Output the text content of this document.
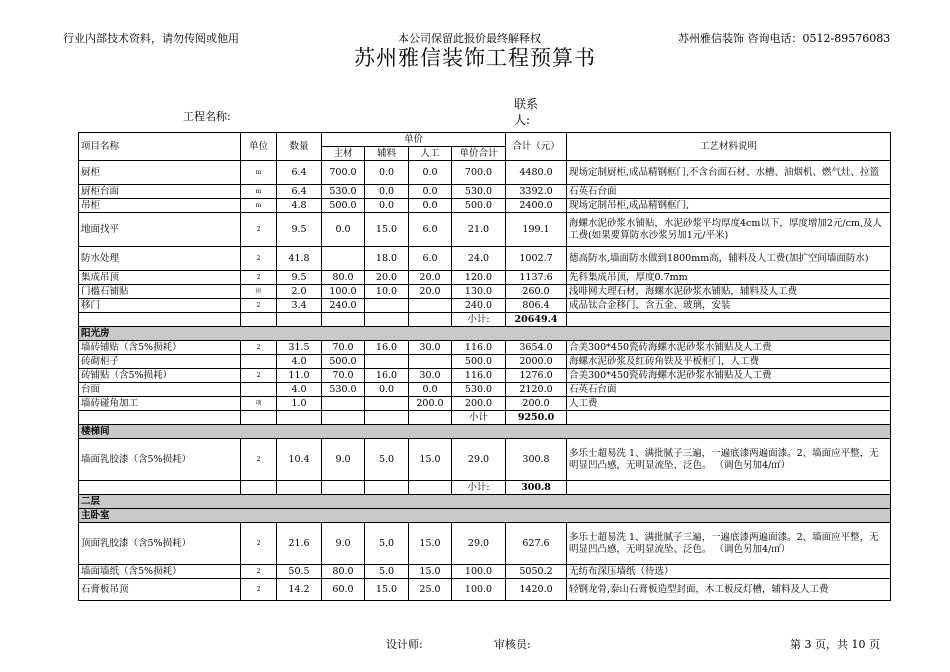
行业内部技术资料，请勿传阅或他用	本公司保留此报价最终解释权	苏州雅信装饰 咨询电话：0512-89576083
苏州雅信装饰工程预算书
工程名称:
联系人:
项目名称	单位	数量	单价				合计（元）	工艺材料说明
			主材	辅料	人工	单价合计		
厨柜	m	6.4	700.0	0.0	0.0	700.0	4480.0	现场定制厨柜,成品精钢框门,不含台面石材、水槽、油烟机、燃气灶、拉篮
厨柜台面	m	6.4	530.0	0.0	0.0	530.0	3392.0	石英石台面
吊柜	m	4.8	500.0	0.0	0.0	500.0	2400.0	现场定制吊柜,成品精钢框门,
地面找平	2	9.5	0.0	15.0	6.0	21.0	199.1	海螺水泥砂浆水铺贴，水泥砂浆平均厚度4cm以下，厚度增加2元/cm,及人工费(如果要算防水沙浆另加1元/平米)
防水处理	2	41.8		18.0	6.0	24.0	1002.7	德高防水,墙面防水做到1800mm高，辅料及人工费(加扩空间墙面防水)
集成吊顶	2	9.5	80.0	20.0	20.0	120.0	1137.6	先科集成吊顶，厚度0.7mm
门槛石铺贴	块	2.0	100.0	10.0	20.0	130.0	260.0	浅啡网大理石材，海螺水泥砂浆水铺贴，辅料及人工费
移门	2	3.4	240.0			240.0	806.4	成品钛合金移门，含五金、玻璃，安装
						小计:	20649.4	
阳光房								
墙砖铺贴（含5%损耗）	2	31.5	70.0	16.0	30.0	116.0	3654.0	合美300*450瓷砖海螺水泥砂浆水铺贴及人工费
砖砌柜子		4.0	500.0			500.0	2000.0	海螺水泥砂浆及红砖角铁及平板柜门，人工费
砖铺贴（含5%损耗）	2	11.0	70.0	16.0	30.0	116.0	1276.0	合美300*450瓷砖海螺水泥砂浆水铺贴及人工费
台面		4.0	530.0	0.0	0.0	530.0	2120.0	石英石台面
墙砖碰角加工	项	1.0			200.0	200.0	200.0	人工费
						小计	9250.0	
楼梯间								
墙面乳胶漆（含5%损耗）	2	10.4	9.0	5.0	15.0	29.0	300.8	多乐士超易洗 1、满批腻子三遍，一遍底漆两遍面漆。2、墙面应平整，无明显凹凸感，无明显流坠、泛色。 （调色另加4/㎡）
						小计:	300.8	
二层								
主卧室								
顶面乳胶漆（含5%损耗）	2	21.6	9.0	5.0	15.0	29.0	627.6	多乐士超易洗 1、满批腻子三遍，一遍底漆两遍面漆。2、墙面应平整，无明显凹凸感，无明显流坠、泛色。 （调色另加4/㎡）
墙面墙纸（含5%损耗）	2	50.5	80.0	5.0	15.0	100.0	5050.2	无纺布深压墙纸（待选）
石膏板吊顶	2	14.2	60.0	15.0	25.0	100.0	1420.0	轻钢龙骨,泰山石膏板造型封面，木工板反灯槽，辅料及人工费
设计师:	审核员:	第 3 页，共 10 页
